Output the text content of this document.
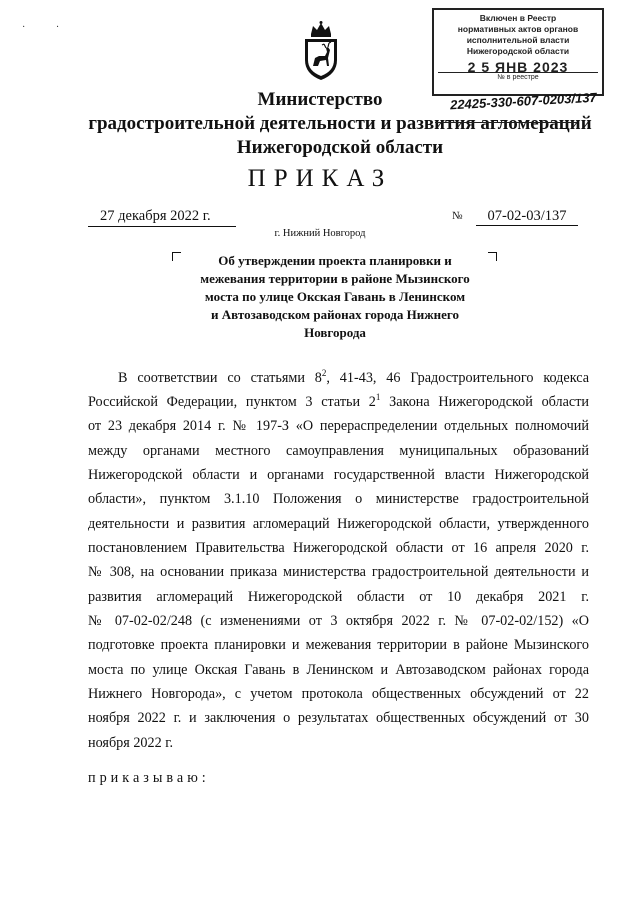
· ·
Включен в Реестр
нормативных актов органов
исполнительной власти
Нижегородской области
2 5 ЯНВ 2023
№ в реестре
22425-330-607-0203/137
Министерство
градостроительной деятельности и развития агломераций
Нижегородской области
ПРИКАЗ
27 декабря 2022 г.	№	07-02-03/137
г. Нижний Новгород
Об утверждении проекта планировки и
межевания территории в районе Мызинского
моста по улице Окская Гавань в Ленинском
и Автозаводском районах города Нижнего
Новгорода
В соответствии со статьями $8^2$, 41-43, 46 Градостроительного кодекса
Российской Федерации, пунктом 3 статьи $2^1$ Закона Нижегородской области
от 23 декабря 2014 г. № 197-З «О перераспределении отдельных полномочий
между органами местного самоуправления муниципальных образований
Нижегородской области и органами государственной власти Нижегородской
области», пунктом 3.1.10 Положения о министерстве градостроительной
деятельности и развития агломераций Нижегородской области, утвержденного
постановлением Правительства Нижегородской области от 16 апреля 2020 г.
№ 308, на основании приказа министерства градостроительной деятельности и
развития агломераций Нижегородской области от 10 декабря 2021 г.
№ 07-02-02/248 (с изменениями от 3 октября 2022 г. № 07-02-02/152) «О
подготовке проекта планировки и межевания территории в районе Мызинского
моста по улице Окская Гавань в Ленинском и Автозаводском районах города
Нижнего Новгорода», с учетом протокола общественных обсуждений от 22
ноября 2022 г. и заключения о результатах общественных обсуждений от 30
ноября 2022 г.
приказываю:
